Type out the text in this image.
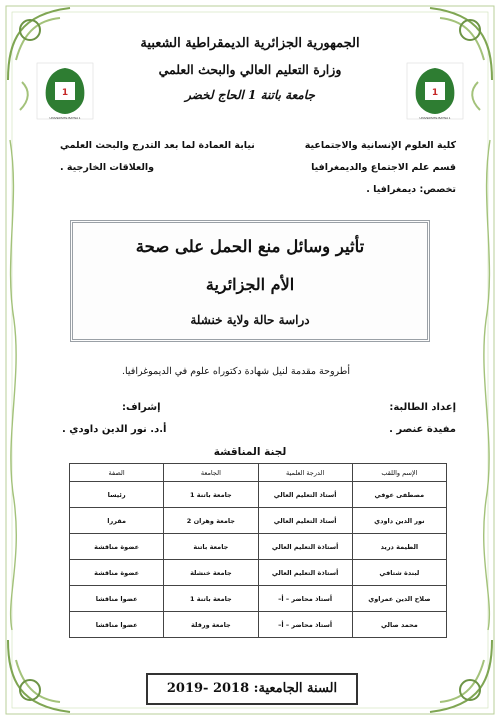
1
1
UNIVERSITE BATNA 1
UNIVERSITE BATNA 1
الجمهورية الجزائرية الديمقراطية الشعبية
وزارة التعليم العالي والبحث العلمي
جامعة باتنة 1 الحاج لخضر
كلية العلوم الإنسانية والاجتماعية
قسم علم الاجتماع والديمغرافيا
تخصص: ديمغرافيا .
نيابة العمادة لما بعد التدرج والبحث العلمي
والعلاقات الخارجية .
تأثير وسائل منع الحمل على صحة
الأم الجزائرية
دراسة حالة ولاية خنشلة
أطروحة مقدمة لنيل شهادة دكتوراه علوم في الديموغرافيا.
إعداد الطالبة:
مفيدة عنصر .
إشراف:
أ.د. نور الدين داودي .
لجنة المناقشة
الإسم واللقب	الدرجة العلمية	الجامعة	الصفة
مصطفى عوفي	أستاذ التعليم العالي	جامعة باتنة 1	رئيسا
نور الدين داودي	أستاذ التعليم العالي	جامعة وهران 2	مقررا
الطيمة دريد	أستاذة التعليم العالي	جامعة باتنة	عضوة مناقشة
لبندة شتافي	أستاذة التعليم العالي	جامعة خنشلة	عضوة مناقشة
صلاح الدين عمراوي	أستاذ محاضر – أ–	جامعة باتنة 1	عضوا مناقشا
محمد صالي	أستاذ محاضر – أ–	جامعة ورقلة	عضوا مناقشا
السنة الجامعية: 2018 -2019
